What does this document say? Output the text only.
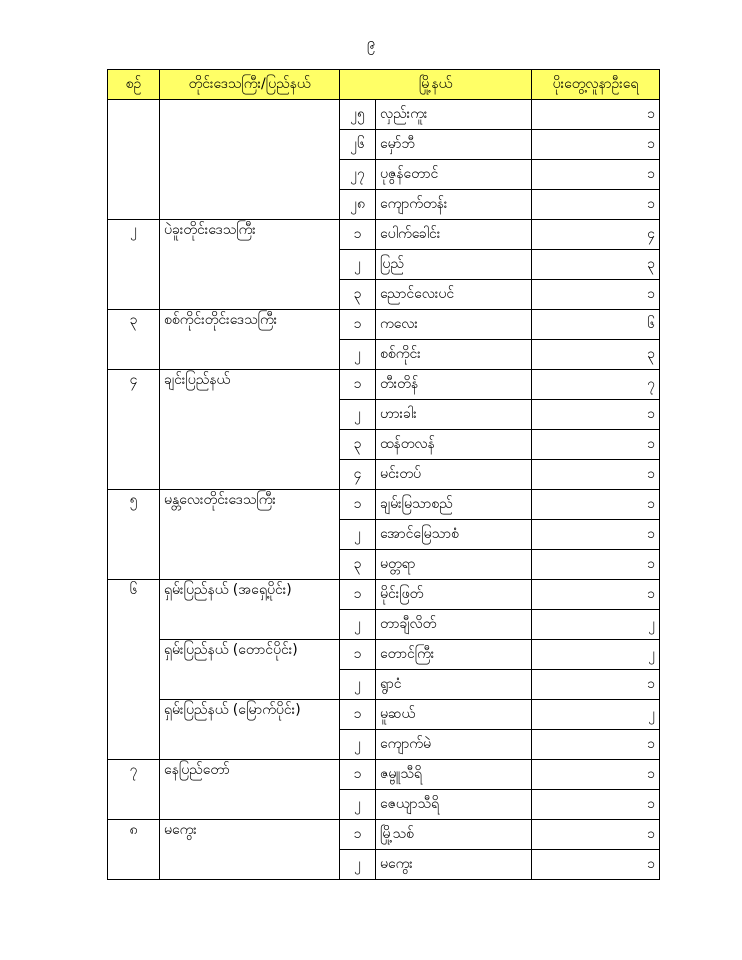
၉
စဉ်	တိုင်းဒေသကြီး/ပြည်နယ်	မြို့နယ်		ပိုးတွေ့လူနာဦးရေ
		၂၅	လှည်းကူး	၁
		၂၆	မှော်ဘီ	၁
		၂၇	ပုဇွန်တောင်	၁
		၂၈	ကျောက်တန်း	၁
၂	ပဲခူးတိုင်းဒေသကြီး	၁	ပေါက်ခေါင်း	၄
		၂	ပြည်	၃
		၃	ညောင်လေးပင်	၁
၃	စစ်ကိုင်းတိုင်းဒေသကြီး	၁	ကလေး	၆
		၂	စစ်ကိုင်း	၃
၄	ချင်းပြည်နယ်	၁	တီးတိန်	၇
		၂	ဟားခါး	၁
		၃	ထန်တလန်	၁
		၄	မင်းတပ်	၁
၅	မန္တလေးတိုင်းဒေသကြီး	၁	ချမ်းမြသာစည်	၁
		၂	အောင်မြေသာစံ	၁
		၃	မတ္တရာ	၁
၆	ရှမ်းပြည်နယ် (အရှေ့ပိုင်း)	၁	မိုင်းဖြတ်	၁
		၂	တာချီလိတ်	၂
	ရှမ်းပြည်နယ် (တောင်ပိုင်း)	၁	တောင်ကြီး	၂
		၂	ရွာငံ	၁
	ရှမ်းပြည်နယ် (မြောက်ပိုင်း)	၁	မူဆယ်	၂
		၂	ကျောက်မဲ	၁
၇	နေပြည်တော်	၁	ဇမ္ဗူသီရိ	၁
		၂	ဇေယျာသီရိ	၁
၈	မကွေး	၁	မြို့သစ်	၁
		၂	မကွေး	၁
